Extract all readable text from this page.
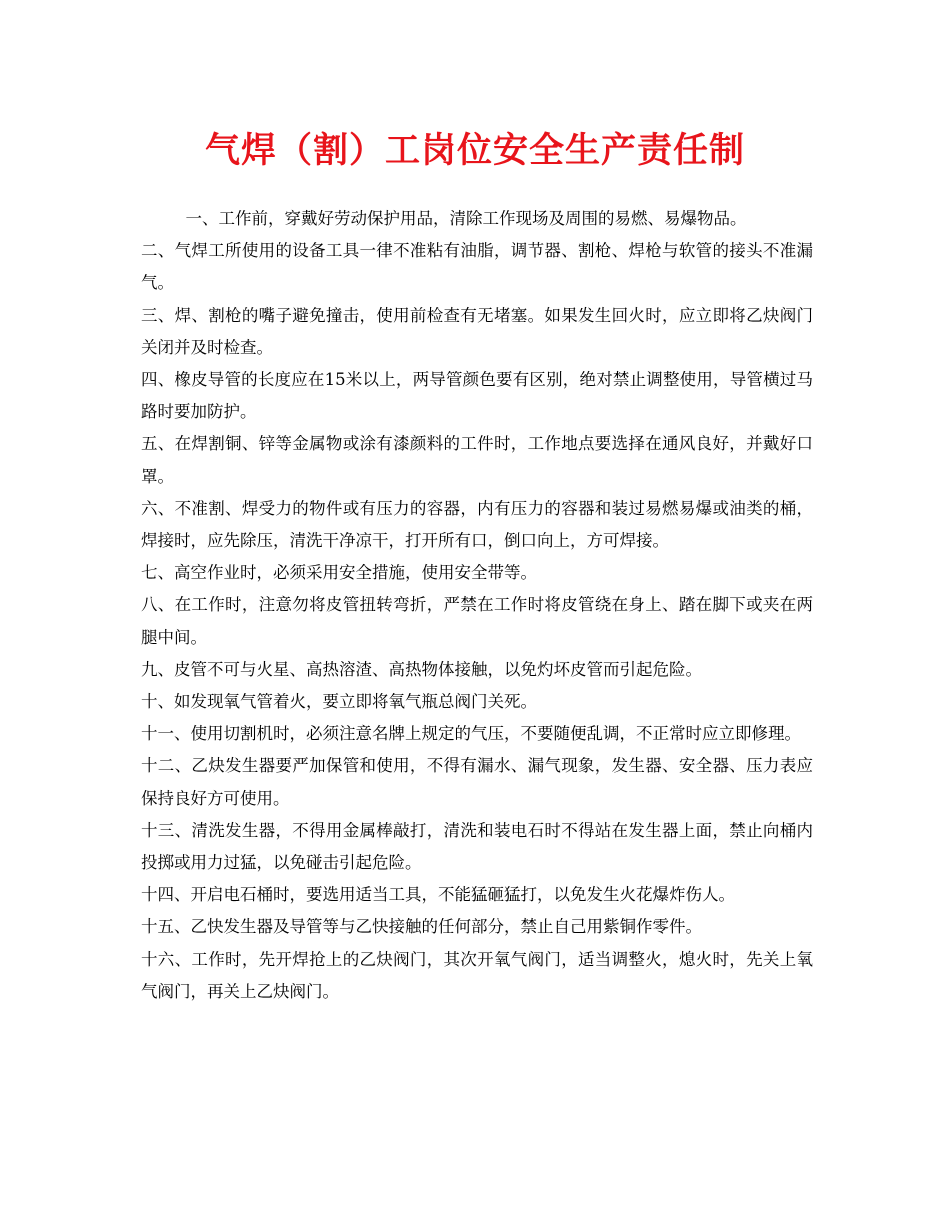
气焊（割）工岗位安全生产责任制

一、工作前，穿戴好劳动保护用品，清除工作现场及周围的易燃、易爆物品。

二、气焊工所使用的设备工具一律不准粘有油脂，调节器、割枪、焊枪与软管的接头不准漏气。

三、焊、割枪的嘴子避免撞击，使用前检查有无堵塞。如果发生回火时，应立即将乙炔阀门关闭并及时检查。

四、橡皮导管的长度应在15米以上，两导管颜色要有区别，绝对禁止调整使用，导管横过马路时要加防护。

五、在焊割铜、锌等金属物或涂有漆颜料的工件时，工作地点要选择在通风良好，并戴好口罩。

六、不准割、焊受力的物件或有压力的容器，内有压力的容器和装过易燃易爆或油类的桶，焊接时，应先除压，清洗干净凉干，打开所有口，倒口向上，方可焊接。

七、高空作业时，必须采用安全措施，使用安全带等。

八、在工作时，注意勿将皮管扭转弯折，严禁在工作时将皮管绕在身上、踏在脚下或夹在两腿中间。

九、皮管不可与火星、高热溶渣、高热物体接触，以免灼坏皮管而引起危险。

十、如发现氧气管着火，要立即将氧气瓶总阀门关死。

十一、使用切割机时，必须注意名牌上规定的气压，不要随便乱调，不正常时应立即修理。

十二、乙炔发生器要严加保管和使用，不得有漏水、漏气现象，发生器、安全器、压力表应保持良好方可使用。

十三、清洗发生器，不得用金属棒敲打，清洗和装电石时不得站在发生器上面，禁止向桶内投掷或用力过猛，以免碰击引起危险。

十四、开启电石桶时，要选用适当工具，不能猛砸猛打，以免发生火花爆炸伤人。

十五、乙快发生器及导管等与乙快接触的任何部分，禁止自己用紫铜作零件。

十六、工作时，先开焊抢上的乙炔阀门，其次开氧气阀门，适当调整火，熄火时，先关上氧气阀门，再关上乙炔阀门。
